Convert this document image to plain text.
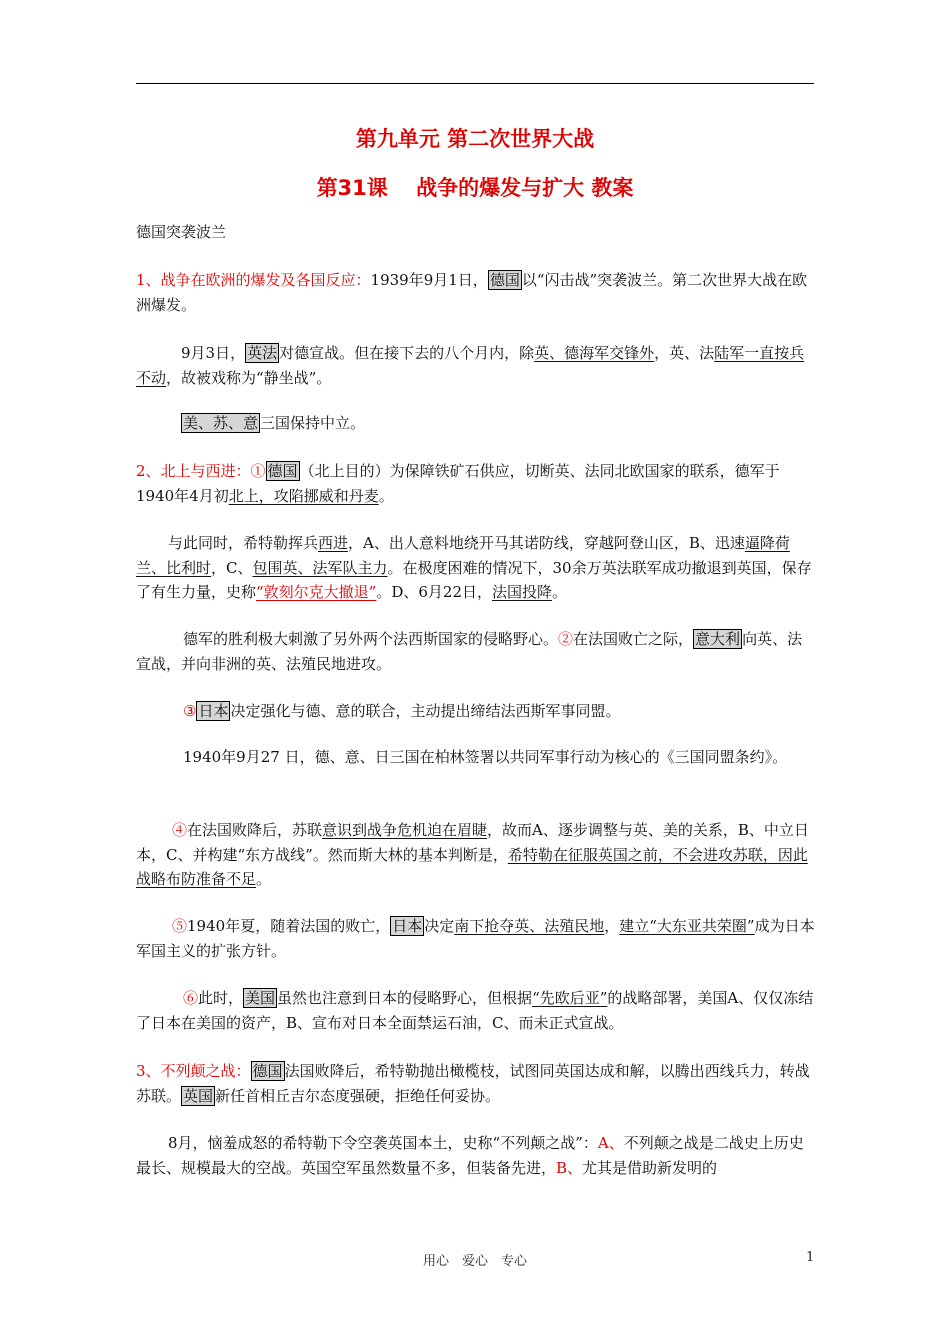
第九单元 第二次世界大战
第31课　 战争的爆发与扩大 教案

德国突袭波兰

1、战争在欧洲的爆发及各国反应：1939年9月1日， 德国 以“闪击战”突袭波兰。第二次世界大战在欧洲爆发。

9月3日， 英法 对德宣战。但在接下去的八个月内，除英、德海军交锋外，英、法陆军一直按兵不动，故被戏称为“静坐战”。

美、苏、意 三国保持中立。

2、北上与西进：① 德国 （北上目的）为保障铁矿石供应，切断英、法同北欧国家的联系，德军于1940年4月初北上，攻陷挪威和丹麦。

与此同时，希特勒挥兵西进，A、出人意料地绕开马其诺防线，穿越阿登山区，B、迅速逼降荷兰、比利时，C、包围英、法军队主力。在极度困难的情况下，30余万英法联军成功撤退到英国，保存了有生力量，史称“敦刻尔克大撤退”。D、6月22日，法国投降。

德军的胜利极大刺激了另外两个法西斯国家的侵略野心。②在法国败亡之际， 意大利 向英、法宣战，并向非洲的英、法殖民地进攻。

③ 日本 决定强化与德、意的联合，主动提出缔结法西斯军事同盟。

1940年9月27 日，德、意、日三国在柏林签署以共同军事行动为核心的《三国同盟条约》。

④在法国败降后，苏联意识到战争危机迫在眉睫，故而A、逐步调整与英、美的关系，B、中立日本，C、并构建“东方战线”。然而斯大林的基本判断是，希特勒在征服英国之前，不会进攻苏联，因此战略布防准备不足。

⑤1940年夏，随着法国的败亡， 日本 决定南下抢夺英、法殖民地，建立“大东亚共荣圈”成为日本军国主义的扩张方针。

⑥此时， 美国 虽然也注意到日本的侵略野心，但根据“先欧后亚”的战略部署，美国A、仅仅冻结了日本在美国的资产，B、宣布对日本全面禁运石油，C、而未正式宣战。

3、不列颠之战： 德国 法国败降后，希特勒抛出橄榄枝，试图同英国达成和解，以腾出西线兵力，转战苏联。 英国 新任首相丘吉尔态度强硬，拒绝任何妥协。

8月，恼羞成怒的希特勒下令空袭英国本土，史称“不列颠之战”：A、不列颠之战是二战史上历史最长、规模最大的空战。英国空军虽然数量不多，但装备先进，B、尤其是借助新发明的

用心　爱心　专心	1
